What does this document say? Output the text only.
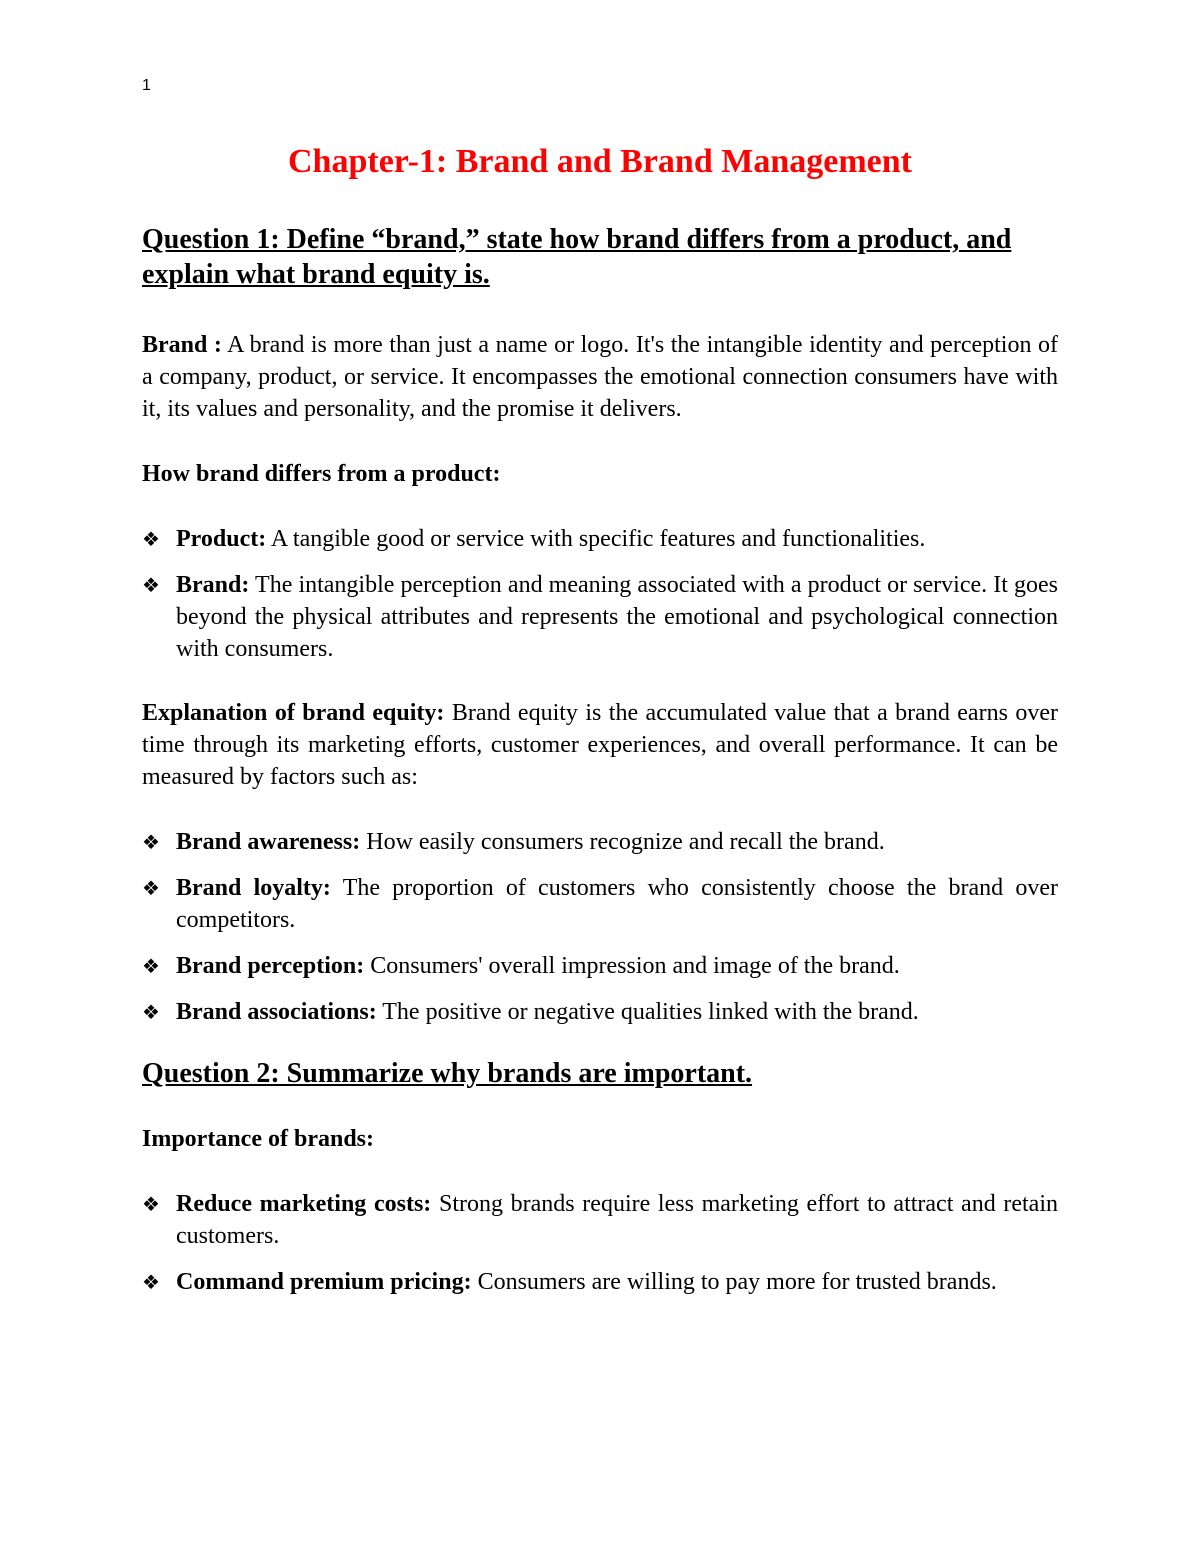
1
Chapter-1: Brand and Brand Management
Question 1: Define “brand,” state how brand differs from a product, and explain what brand equity is.

Brand : A brand is more than just a name or logo. It's the intangible identity and perception of a company, product, or service. It encompasses the emotional connection consumers have with it, its values and personality, and the promise it delivers.

How brand differs from a product:

❖ Product: A tangible good or service with specific features and functionalities.
❖ Brand: The intangible perception and meaning associated with a product or service. It goes beyond the physical attributes and represents the emotional and psychological connection with consumers.

Explanation of brand equity: Brand equity is the accumulated value that a brand earns over time through its marketing efforts, customer experiences, and overall performance. It can be measured by factors such as:

❖ Brand awareness: How easily consumers recognize and recall the brand.
❖ Brand loyalty: The proportion of customers who consistently choose the brand over competitors.
❖ Brand perception: Consumers' overall impression and image of the brand.
❖ Brand associations: The positive or negative qualities linked with the brand.
Question 2: Summarize why brands are important.

Importance of brands:

❖ Reduce marketing costs: Strong brands require less marketing effort to attract and retain customers.
❖ Command premium pricing: Consumers are willing to pay more for trusted brands.
